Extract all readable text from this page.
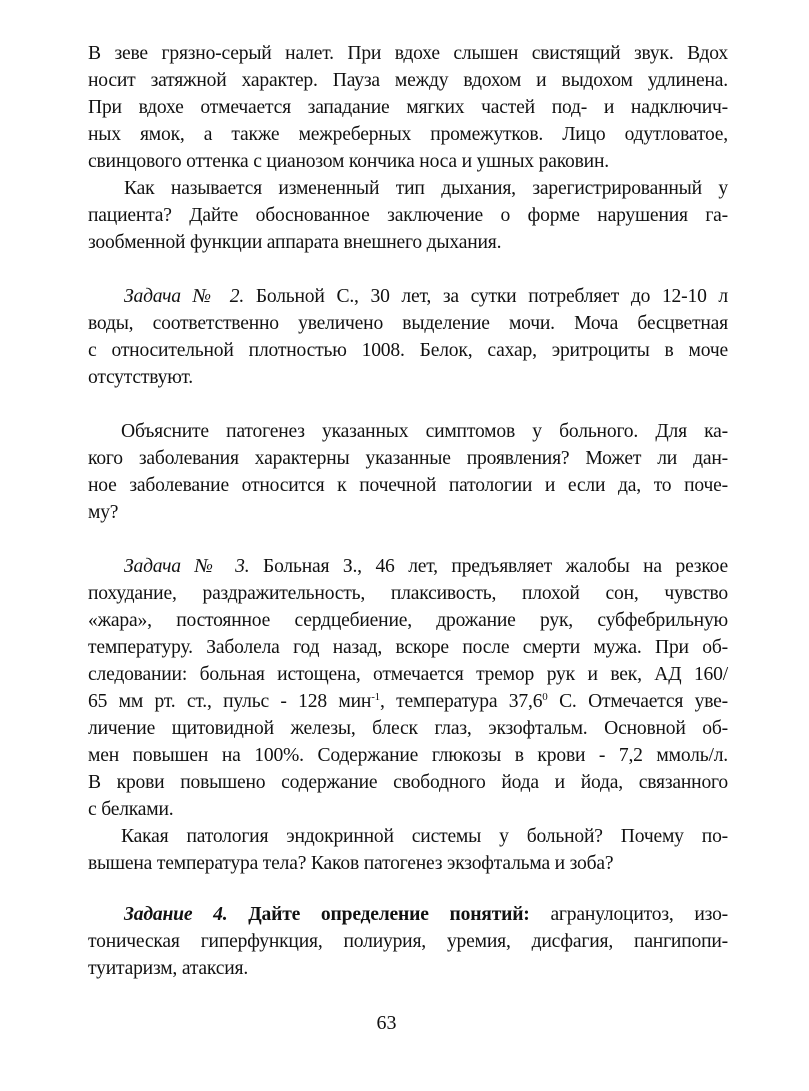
В зеве грязно-серый налет. При вдохе слышен свистящий звук. Вдох
носит затяжной характер. Пауза между вдохом и выдохом удлинена.
При вдохе отмечается западание мягких частей под- и надключич-
ных ямок, а также межреберных промежутков. Лицо одутловатое,
свинцового оттенка с цианозом кончика носа и ушных раковин.
Как называется измененный тип дыхания, зарегистрированный у
пациента? Дайте обоснованное заключение о форме нарушения га-
зообменной функции аппарата внешнего дыхания.
Задача № 2. Больной С., 30 лет, за сутки потребляет до 12-10 л
воды, соответственно увеличено выделение мочи. Моча бесцветная
с относительной плотностью 1008. Белок, сахар, эритроциты в моче
отсутствуют.
Объясните патогенез указанных симптомов у больного. Для ка-
кого заболевания характерны указанные проявления? Может ли дан-
ное заболевание относится к почечной патологии и если да, то поче-
му?
Задача № 3. Больная З., 46 лет, предъявляет жалобы на резкое
похудание, раздражительность, плаксивость, плохой сон, чувство
«жара», постоянное сердцебиение, дрожание рук, субфебрильную
температуру. Заболела год назад, вскоре после смерти мужа. При об-
следовании: больная истощена, отмечается тремор рук и век, АД 160/
65 мм рт. ст., пульс - 128 мин$^{-1}$, температура 37,6$^0$ С. Отмечается уве-
личение щитовидной железы, блеск глаз, экзофтальм. Основной об-
мен повышен на 100%. Содержание глюкозы в крови - 7,2 ммоль/л.
В крови повышено содержание свободного йода и йода, связанного
с белками.
Какая патология эндокринной системы у больной? Почему по-
вышена температура тела? Каков патогенез экзофтальма и зоба?
Задание 4. Дайте определение понятий: агранулоцитоз, изо-
тоническая гиперфункция, полиурия, уремия, дисфагия, пангипопи-
туитаризм, атаксия.
63
